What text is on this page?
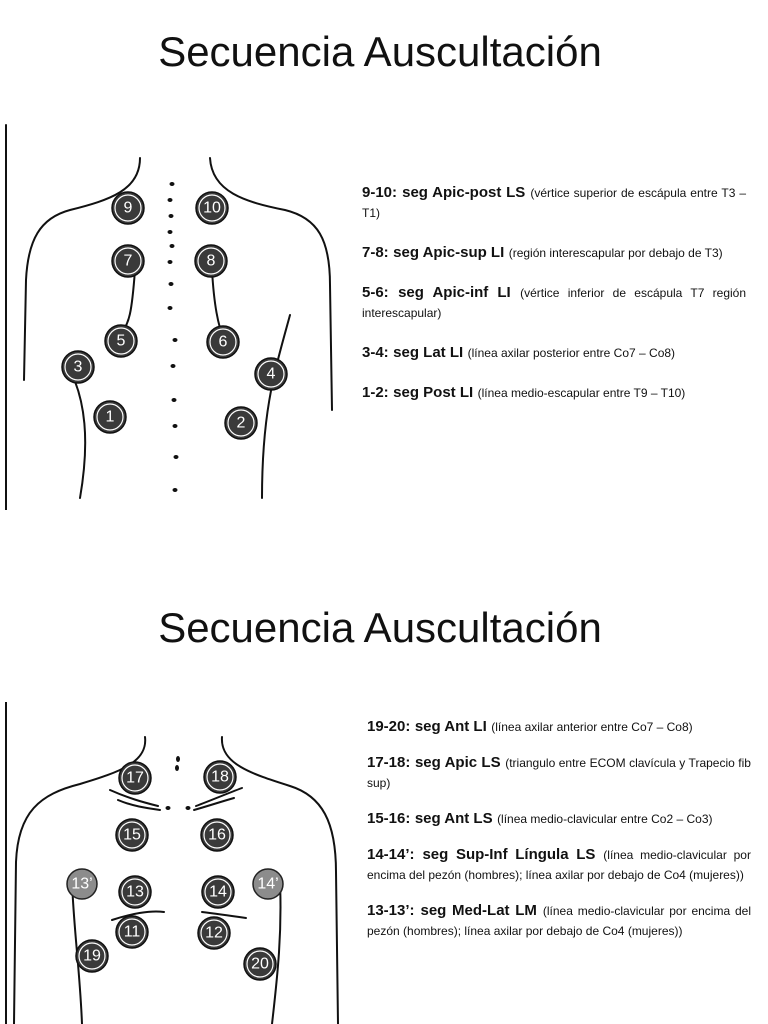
Secuencia Auscultación
9	10
7	8
5	6
3	4
1	2
9-10: seg Apic-post LS (vértice superior de escápula entre T3 – T1)
7-8: seg Apic-sup LI (región interescapular por debajo de T3)
5-6: seg Apic-inf LI (vértice inferior de escápula T7 región interescapular)
3-4: seg Lat LI (línea axilar posterior entre Co7 – Co8)
1-2: seg Post LI (línea medio-escapular entre T9 – T10)
Secuencia Auscultación
17	18
15	16
13’ 13	14 14’
11	12
19	20
19-20: seg Ant LI (línea axilar anterior entre Co7 – Co8)
17-18: seg Apic LS (triangulo entre ECOM clavícula y Trapecio fib sup)
15-16: seg Ant LS (línea medio-clavicular entre Co2 – Co3)
14-14’: seg Sup-Inf Língula LS (línea medio-clavicular por encima del pezón (hombres); línea axilar por debajo de Co4 (mujeres))
13-13’: seg Med-Lat LM (línea medio-clavicular por encima del pezón (hombres); línea axilar por debajo de Co4 (mujeres))
